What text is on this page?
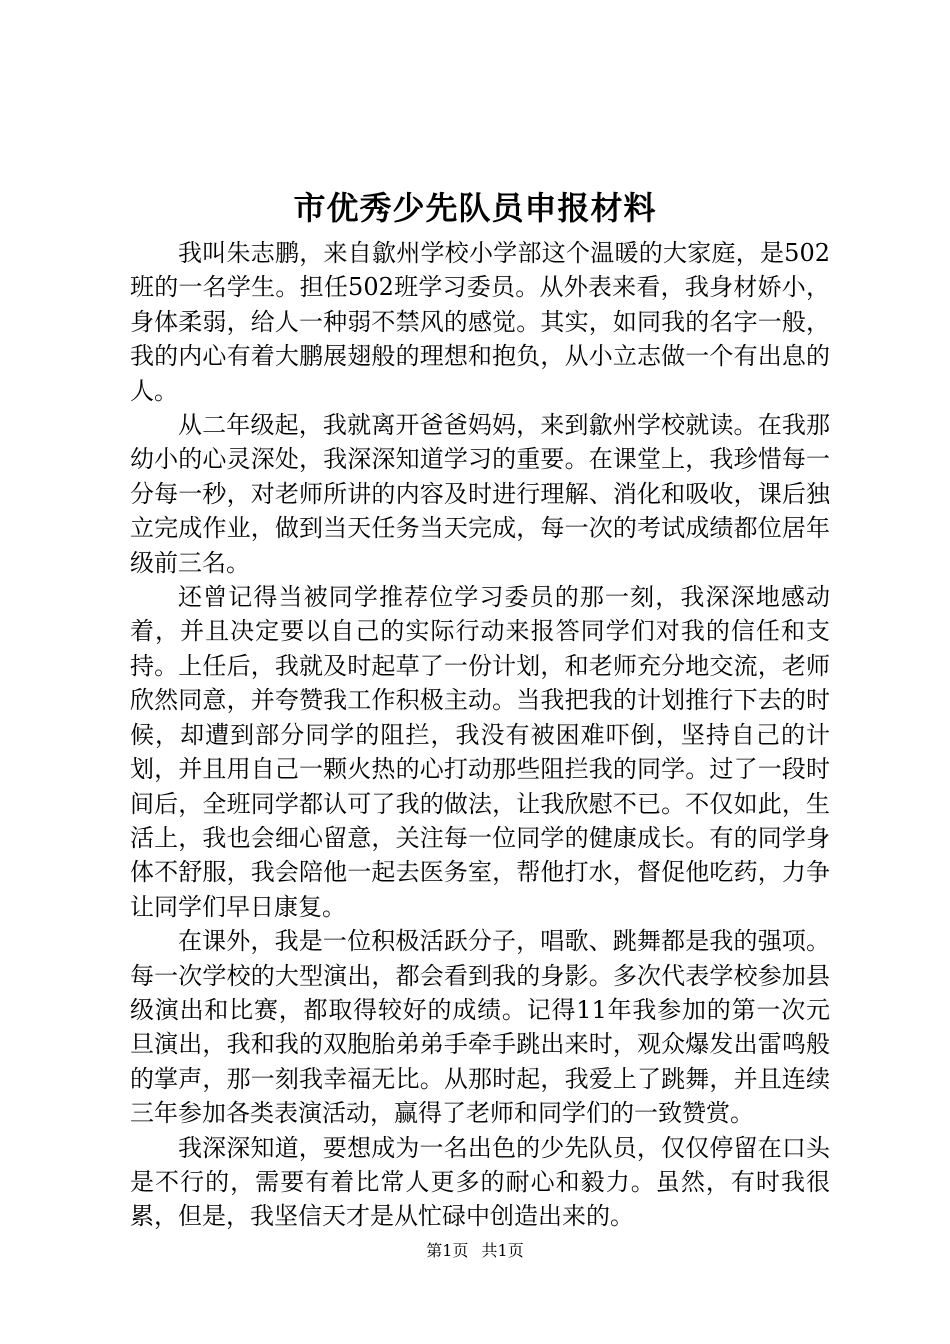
市优秀少先队员申报材料

我叫朱志鹏，来自歙州学校小学部这个温暖的大家庭，是502班的一名学生。担任502班学习委员。从外表来看，我身材娇小，身体柔弱，给人一种弱不禁风的感觉。其实，如同我的名字一般，我的内心有着大鹏展翅般的理想和抱负，从小立志做一个有出息的人。

从二年级起，我就离开爸爸妈妈，来到歙州学校就读。在我那幼小的心灵深处，我深深知道学习的重要。在课堂上，我珍惜每一分每一秒，对老师所讲的内容及时进行理解、消化和吸收，课后独立完成作业，做到当天任务当天完成，每一次的考试成绩都位居年级前三名。

还曾记得当被同学推荐位学习委员的那一刻，我深深地感动着，并且决定要以自己的实际行动来报答同学们对我的信任和支持。上任后，我就及时起草了一份计划，和老师充分地交流，老师欣然同意，并夸赞我工作积极主动。当我把我的计划推行下去的时候，却遭到部分同学的阻拦，我没有被困难吓倒，坚持自己的计划，并且用自己一颗火热的心打动那些阻拦我的同学。过了一段时间后，全班同学都认可了我的做法，让我欣慰不已。不仅如此，生活上，我也会细心留意，关注每一位同学的健康成长。有的同学身体不舒服，我会陪他一起去医务室，帮他打水，督促他吃药，力争让同学们早日康复。

在课外，我是一位积极活跃分子，唱歌、跳舞都是我的强项。每一次学校的大型演出，都会看到我的身影。多次代表学校参加县级演出和比赛，都取得较好的成绩。记得11年我参加的第一次元旦演出，我和我的双胞胎弟弟手牵手跳出来时，观众爆发出雷鸣般的掌声，那一刻我幸福无比。从那时起，我爱上了跳舞，并且连续三年参加各类表演活动，赢得了老师和同学们的一致赞赏。

我深深知道，要想成为一名出色的少先队员，仅仅停留在口头是不行的，需要有着比常人更多的耐心和毅力。虽然，有时我很累，但是，我坚信天才是从忙碌中创造出来的。

第1页 共1页
